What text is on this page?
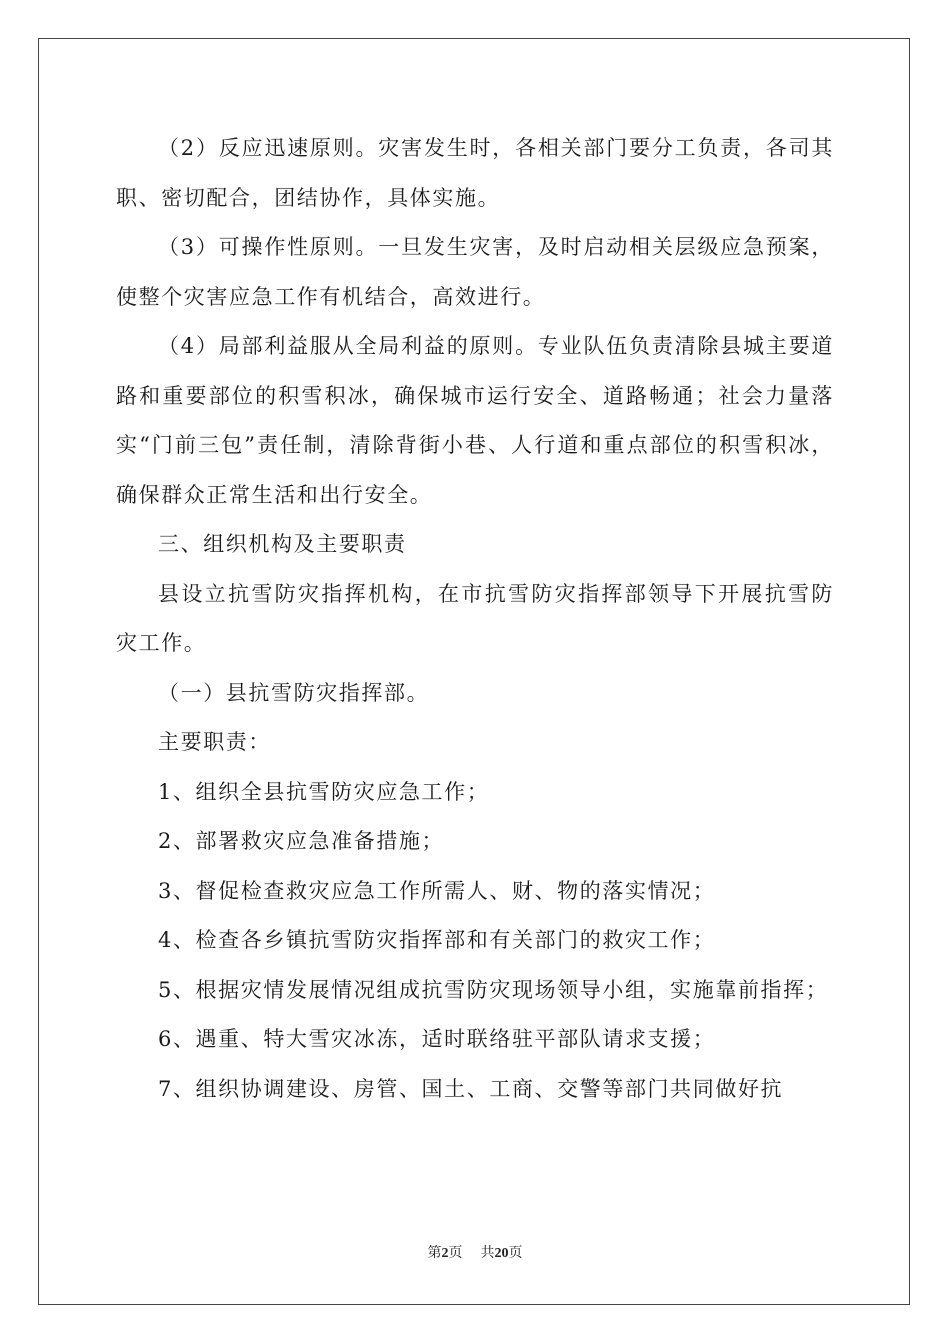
（2）反应迅速原则。灾害发生时，各相关部门要分工负责，各司其职、密切配合，团结协作，具体实施。

（3）可操作性原则。一旦发生灾害，及时启动相关层级应急预案，使整个灾害应急工作有机结合，高效进行。

（4）局部利益服从全局利益的原则。专业队伍负责清除县城主要道路和重要部位的积雪积冰，确保城市运行安全、道路畅通；社会力量落实“门前三包”责任制，清除背街小巷、人行道和重点部位的积雪积冰，确保群众正常生活和出行安全。

三、组织机构及主要职责

县设立抗雪防灾指挥机构，在市抗雪防灾指挥部领导下开展抗雪防灾工作。

（一）县抗雪防灾指挥部。

主要职责：

1、组织全县抗雪防灾应急工作；

2、部署救灾应急准备措施；

3、督促检查救灾应急工作所需人、财、物的落实情况；

4、检查各乡镇抗雪防灾指挥部和有关部门的救灾工作；

5、根据灾情发展情况组成抗雪防灾现场领导小组，实施靠前指挥；

6、遇重、特大雪灾冰冻，适时联络驻平部队请求支援；

7、组织协调建设、房管、国土、工商、交警等部门共同做好抗

第2页 共20页
